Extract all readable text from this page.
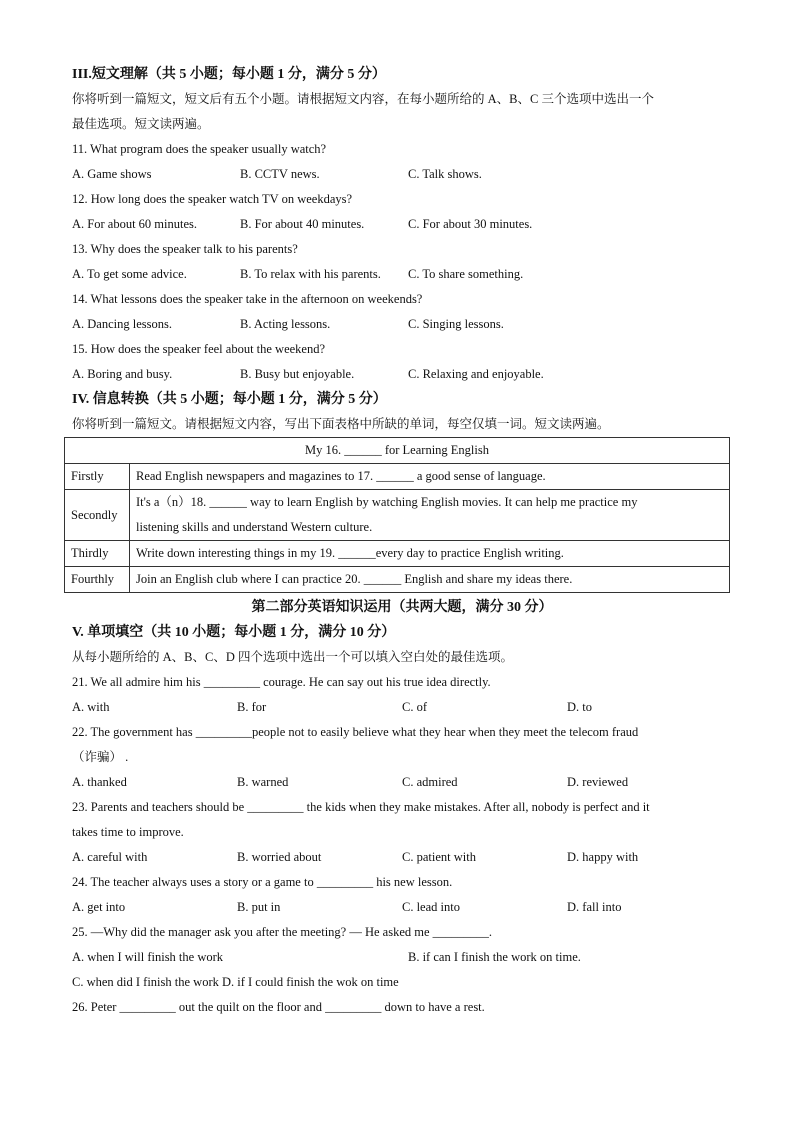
III.短文理解（共 5 小题；每小题 1 分，满分 5 分）
你将听到一篇短文，短文后有五个小题。请根据短文内容，在每小题所给的 A、B、C 三个选项中选出一个
最佳选项。短文读两遍。
11. What program does the speaker usually watch?
A. Game shows	B. CCTV news.	C. Talk shows.
12. How long does the speaker watch TV on weekdays?
A. For about 60 minutes.	B. For about 40 minutes.	C. For about 30 minutes.
13. Why does the speaker talk to his parents?
A. To get some advice.	B. To relax with his parents.	C. To share something.
14. What lessons does the speaker take in the afternoon on weekends?
A. Dancing lessons.	B. Acting lessons.	C. Singing lessons.
15. How does the speaker feel about the weekend?
A. Boring and busy.	B. Busy but enjoyable.	C. Relaxing and enjoyable.
IV. 信息转换（共 5 小题；每小题 1 分，满分 5 分）
你将听到一篇短文。请根据短文内容，写出下面表格中所缺的单词，每空仅填一词。短文读两遍。
My 16. ______ for Learning English	
Firstly	Read English newspapers and magazines to 17. ______ a good sense of language.
Secondly	It's a（n）18. ______ way to learn English by watching English movies. It can help me practice my
listening skills and understand Western culture.

Thirdly	Write down interesting things in my 19. ______every day to practice English writing.
Fourthly	Join an English club where I can practice 20. ______ English and share my ideas there.
第二部分英语知识运用（共两大题，满分 30 分）
V. 单项填空（共 10 小题；每小题 1 分，满分 10 分）
从每小题所给的 A、B、C、D 四个选项中选出一个可以填入空白处的最佳选项。
21. We all admire him his _________ courage. He can say out his true idea directly.
A. with	B. for	C. of	D. to
22. The government has _________people not to easily believe what they hear when they meet the telecom fraud
（诈骗） .
A. thanked	B. warned	C. admired	D. reviewed
23. Parents and teachers should be _________ the kids when they make mistakes. After all, nobody is perfect and it
takes time to improve.
A. careful with	B. worried about	C. patient with	D. happy with
24. The teacher always uses a story or a game to _________ his new lesson.
A. get into	B. put in	C. lead into	D. fall into
25. —Why did the manager ask you after the meeting? — He asked me _________.
A. when I will finish the work	B. if can I finish the work on time.
C. when did I finish the work D. if I could finish the wok on time
26. Peter _________ out the quilt on the floor and _________ down to have a rest.
